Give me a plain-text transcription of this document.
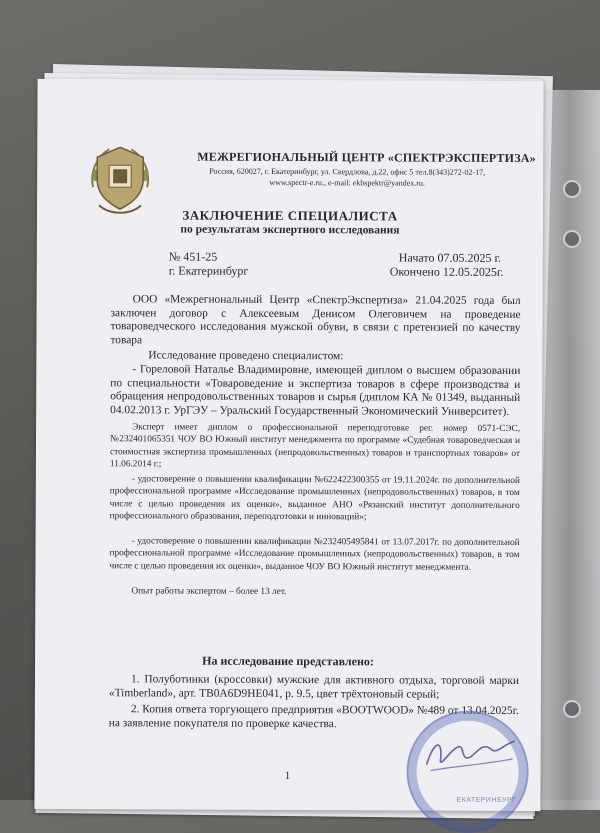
МЕЖРЕГИОНАЛЬНЫЙ ЦЕНТР «СПЕКТРЭКСПЕРТИЗА»
Россия, 620027, г. Екатеринбург, ул. Свердлова, д.22, офис 5 тел.8(343)272-02-17,
www.spectr-e.ru., e-mail: ekbspektr@yandex.ru.
ЗАКЛЮЧЕНИЕ СПЕЦИАЛИСТА
по результатам экспертного исследования
№ 451-25
г. Екатеринбург
Начато 07.05.2025 г.
Окончено 12.05.2025г.
ООО «Межрегиональный Центр «СпектрЭкспертиза» 21.04.2025 года был заключен договор с Алексеевым Денисом Олеговичем на проведение товароведческого исследования мужской обуви, в связи с претензией по качеству товара
Исследование проведено специалистом:
- Гореловой Наталье Владимировне, имеющей диплом о высшем образовании по специальности «Товароведение и экспертиза товаров в сфере производства и обращения непродовольственных товаров и сырья (диплом КА № 01349, выданный 04.02.2013 г. УрГЭУ – Уральский Государственный Экономический Университет).
Эксперт имеет диплом о профессиональной переподготовке рег. номер 0571-СЭС, №232401065351 ЧОУ ВО Южный институт менеджмента по программе «Судебная товароведческая и стоимостная экспертиза промышленных (непродовольственных) товаров и транспортных товаров» от 11.06.2014 г.;
- удостоверение о повышении квалификации №622422300355 от 19.11.2024г. по дополнительной профессиональной программе «Исследование промышленных (непродовольственных) товаров, в том числе с целью проведения их оценки», выданное АНО «Рязанский институт дополнительного профессионального образования, переподготовки и инноваций»;
- удостоверение о повышении квалификации №232405495841 от 13.07.2017г. по дополнительной профессиональной программе «Исследование промышленных (непродовольственных) товаров, в том числе с целью проведения их оценки», выданное ЧОУ ВО Южный институт менеджмента.
Опыт работы экспертом – более 13 лет.
На исследование представлено:
1. Полуботинки (кроссовки) мужские для активного отдыха, торговой марки «Timberland», арт. TB0A6D9HE041, р. 9.5, цвет трёхтоновый серый;
2. Копия ответа торгующего предприятия «BOOTWOOD» №489 от 13.04.2025г. на заявление покупателя по проверке качества.
ЕКАТЕРИНБУРГ
1
